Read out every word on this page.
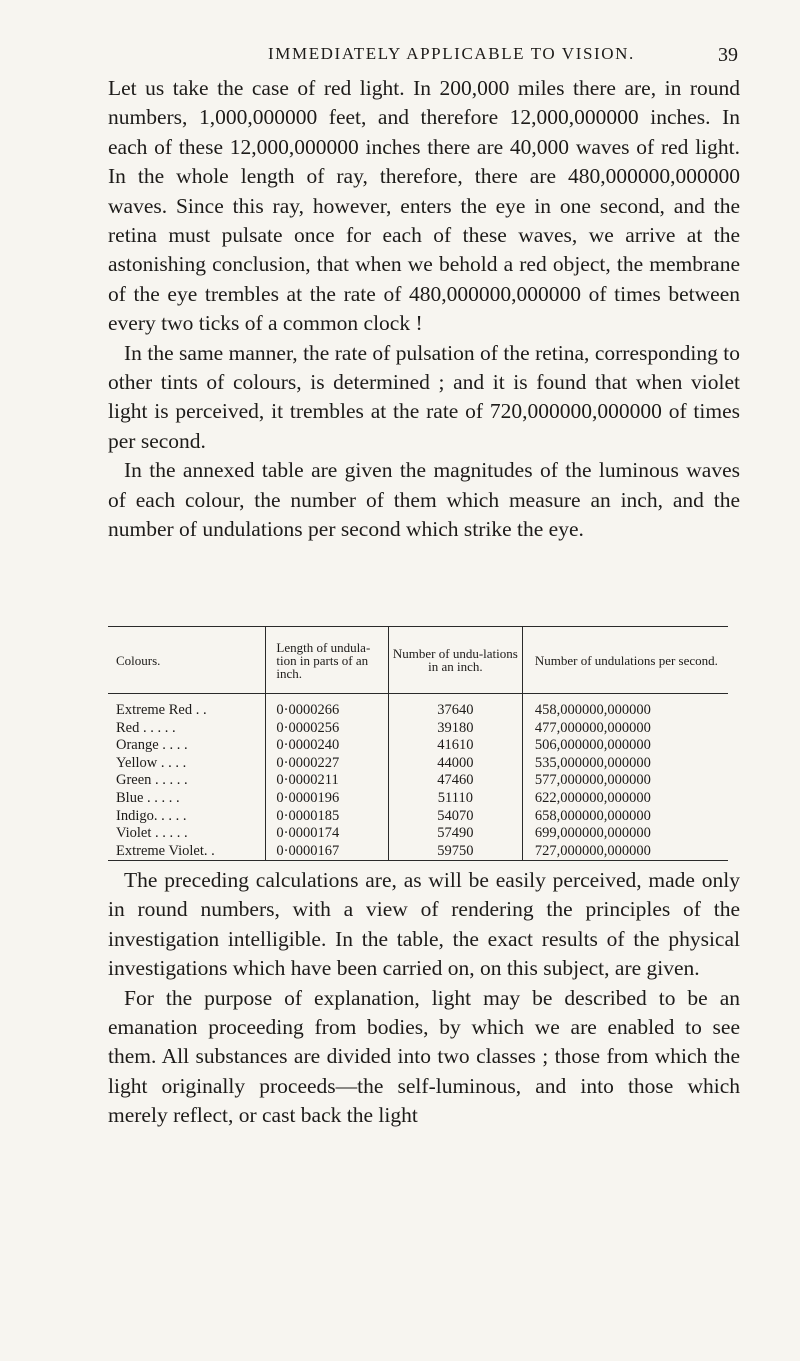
IMMEDIATELY APPLICABLE TO VISION.	39

Let us take the case of red light. In 200,000 miles there are, in round numbers, 1,000,000000 feet, and therefore 12,000,000000 inches. In each of these 12,000,000000 inches there are 40,000 waves of red light. In the whole length of ray, therefore, there are 480,000000,000000 waves. Since this ray, however, enters the eye in one second, and the retina must pulsate once for each of these waves, we arrive at the astonishing conclusion, that when we behold a red object, the membrane of the eye trembles at the rate of 480,000000,000000 of times between every two ticks of a common clock !

In the same manner, the rate of pulsation of the retina, corresponding to other tints of colours, is determined ; and it is found that when violet light is perceived, it trembles at the rate of 720,000000,000000 of times per second.

In the annexed table are given the magnitudes of the luminous waves of each colour, the number of them which measure an inch, and the number of undulations per second which strike the eye.

Colours.	Length of undula-tion in parts of an inch.	Number of undu-lations in an inch.	Number of undulations per second.
Extreme Red . .	0·0000266	37640	458,000000,000000
Red . . . . .	0·0000256	39180	477,000000,000000
Orange . . . .	0·0000240	41610	506,000000,000000
Yellow . . . .	0·0000227	44000	535,000000,000000
Green . . . . .	0·0000211	47460	577,000000,000000
Blue . . . . .	0·0000196	51110	622,000000,000000
Indigo. . . . .	0·0000185	54070	658,000000,000000
Violet . . . . .	0·0000174	57490	699,000000,000000
Extreme Violet. .	0·0000167	59750	727,000000,000000

The preceding calculations are, as will be easily perceived, made only in round numbers, with a view of rendering the principles of the investigation intelligible. In the table, the exact results of the physical investigations which have been carried on, on this subject, are given.

For the purpose of explanation, light may be described to be an emanation proceeding from bodies, by which we are enabled to see them. All substances are divided into two classes ; those from which the light originally proceeds—the self-luminous, and into those which merely reflect, or cast back the light
